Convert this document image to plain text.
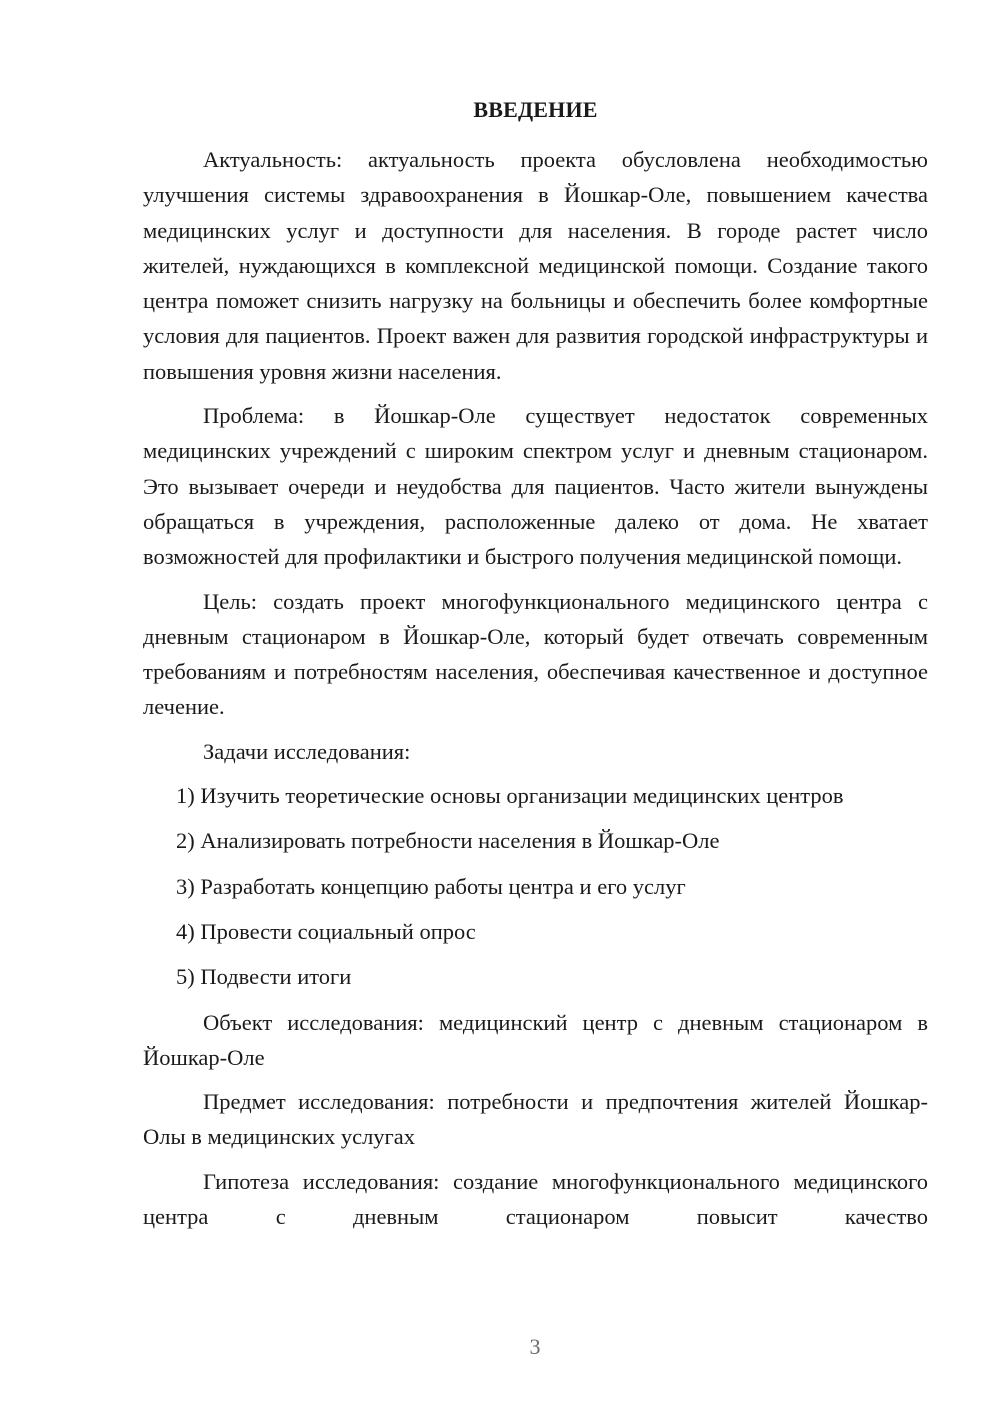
ВВЕДЕНИЕ

Актуальность: актуальность проекта обусловлена необходимостью улучшения системы здравоохранения в Йошкар-Оле, повышением качества медицинских услуг и доступности для населения. В городе растет число жителей, нуждающихся в комплексной медицинской помощи. Создание такого центра поможет снизить нагрузку на больницы и обеспечить более комфортные условия для пациентов. Проект важен для развития городской инфраструктуры и повышения уровня жизни населения.

Проблема: в Йошкар-Оле существует недостаток современных медицинских учреждений с широким спектром услуг и дневным стационаром. Это вызывает очереди и неудобства для пациентов. Часто жители вынуждены обращаться в учреждения, расположенные далеко от дома. Не хватает возможностей для профилактики и быстрого получения медицинской помощи.

Цель: создать проект многофункционального медицинского центра с дневным стационаром в Йошкар-Оле, который будет отвечать современным требованиям и потребностям населения, обеспечивая качественное и доступное лечение.

Задачи исследования:

1) Изучить теоретические основы организации медицинских центров

2) Анализировать потребности населения в Йошкар-Оле

3) Разработать концепцию работы центра и его услуг

4) Провести социальный опрос

5) Подвести итоги

Объект исследования: медицинский центр с дневным стационаром в Йошкар-Оле

Предмет исследования: потребности и предпочтения жителей Йошкар-Олы в медицинских услугах

Гипотеза исследования: создание многофункционального медицинского центра с дневным стационаром повысит качество

3
